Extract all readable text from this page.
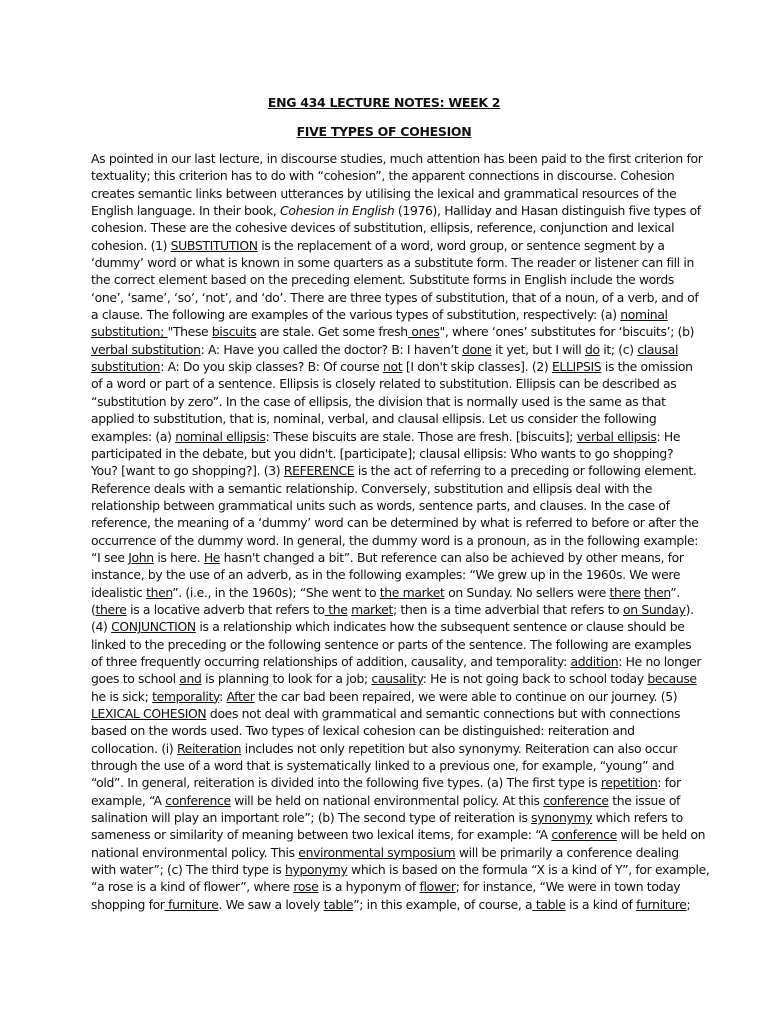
ENG 434 LECTURE NOTES: WEEK 2
FIVE TYPES OF COHESION
As pointed in our last lecture, in discourse studies, much attention has been paid to the first criterion for
textuality; this criterion has to do with “cohesion”, the apparent connections in discourse. Cohesion
creates semantic links between utterances by utilising the lexical and grammatical resources of the
English language. In their book, Cohesion in English (1976), Halliday and Hasan distinguish five types of
cohesion. These are the cohesive devices of substitution, ellipsis, reference, conjunction and lexical
cohesion. (1) SUBSTITUTION is the replacement of a word, word group, or sentence segment by a
‘dummy’ word or what is known in some quarters as a substitute form. The reader or listener can fill in
the correct element based on the preceding element. Substitute forms in English include the words
‘one’, ‘same’, ‘so’, ‘not’, and ‘do’. There are three types of substitution, that of a noun, of a verb, and of
a clause. The following are examples of the various types of substitution, respectively: (a) nominal
substitution; "These biscuits are stale. Get some fresh ones", where ‘ones’ substitutes for ‘biscuits’; (b)
verbal substitution: A: Have you called the doctor? B: I haven’t done it yet, but I will do it; (c) clausal
substitution: A: Do you skip classes? B: Of course not [I don't skip classes]. (2) ELLIPSIS is the omission
of a word or part of a sentence. Ellipsis is closely related to substitution. Ellipsis can be described as
“substitution by zero”. In the case of ellipsis, the division that is normally used is the same as that
applied to substitution, that is, nominal, verbal, and clausal ellipsis. Let us consider the following
examples: (a) nominal ellipsis: These biscuits are stale. Those are fresh. [biscuits]; verbal ellipsis: He
participated in the debate, but you didn't. [participate]; clausal ellipsis: Who wants to go shopping?
You? [want to go shopping?]. (3) REFERENCE is the act of referring to a preceding or following element.
Reference deals with a semantic relationship. Conversely, substitution and ellipsis deal with the
relationship between grammatical units such as words, sentence parts, and clauses. In the case of
reference, the meaning of a ‘dummy’ word can be determined by what is referred to before or after the
occurrence of the dummy word. In general, the dummy word is a pronoun, as in the following example:
“I see John is here. He hasn't changed a bit”. But reference can also be achieved by other means, for
instance, by the use of an adverb, as in the following examples: “We grew up in the 1960s. We were
idealistic then”. (i.e., in the 1960s); “She went to the market on Sunday. No sellers were there then”.
(there is a locative adverb that refers to the market; then is a time adverbial that refers to on Sunday).
(4) CONJUNCTION is a relationship which indicates how the subsequent sentence or clause should be
linked to the preceding or the following sentence or parts of the sentence. The following are examples
of three frequently occurring relationships of addition, causality, and temporality: addition: He no longer
goes to school and is planning to look for a job; causality: He is not going back to school today because
he is sick; temporality: After the car bad been repaired, we were able to continue on our journey. (5)
LEXICAL COHESION does not deal with grammatical and semantic connections but with connections
based on the words used. Two types of lexical cohesion can be distinguished: reiteration and
collocation. (i) Reiteration includes not only repetition but also synonymy. Reiteration can also occur
through the use of a word that is systematically linked to a previous one, for example, “young” and
“old”. In general, reiteration is divided into the following five types. (a) The first type is repetition: for
example, “A conference will be held on national environmental policy. At this conference the issue of
salination will play an important role”; (b) The second type of reiteration is synonymy which refers to
sameness or similarity of meaning between two lexical items, for example: “A conference will be held on
national environmental policy. This environmental symposium will be primarily a conference dealing
with water”; (c) The third type is hyponymy which is based on the formula “X is a kind of Y”, for example,
“a rose is a kind of flower”, where rose is a hyponym of flower; for instance, “We were in town today
shopping for furniture. We saw a lovely table”; in this example, of course, a table is a kind of furniture;
